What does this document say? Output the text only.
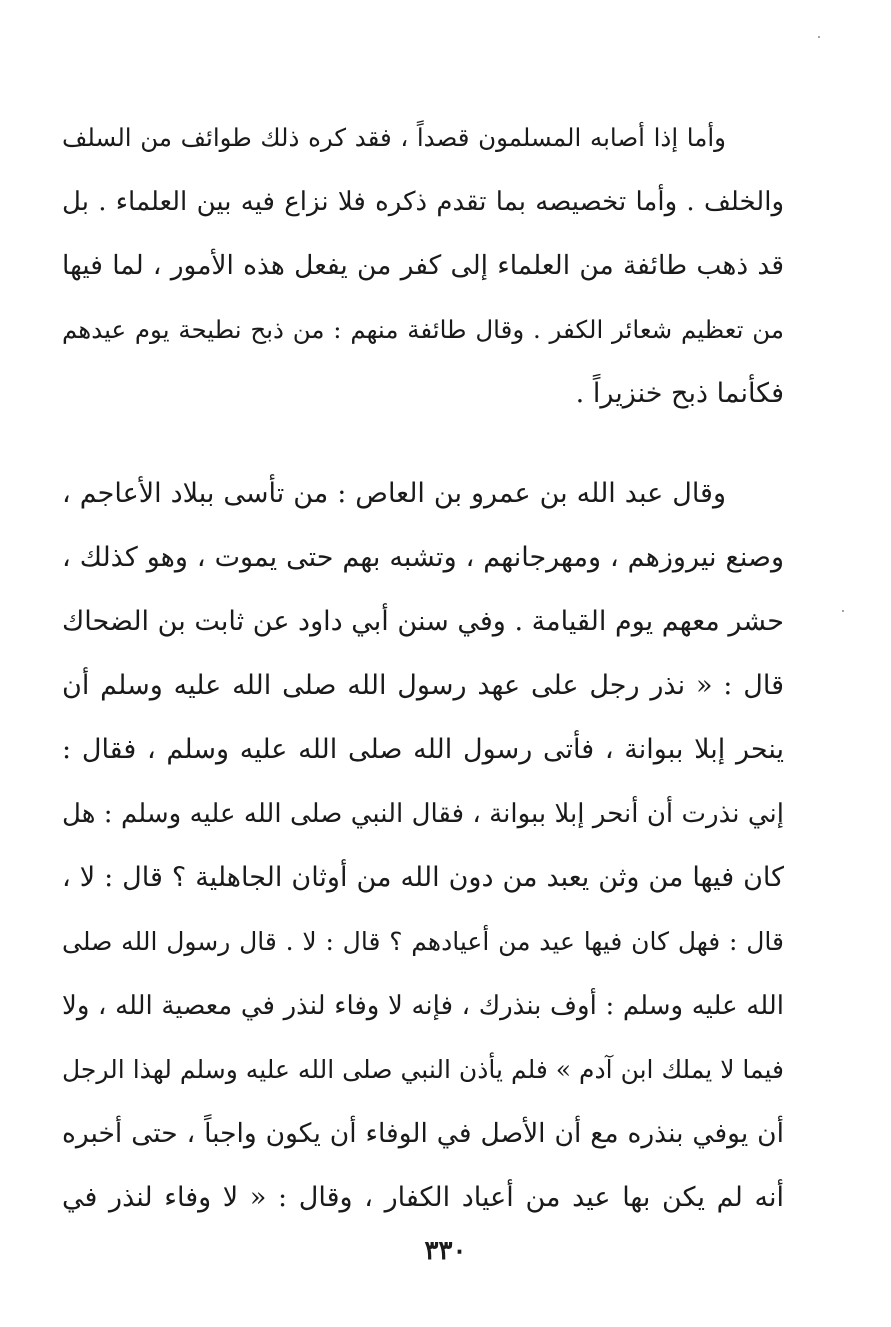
وأما إذا أصابه المسلمون قصداً ، فقد كره ذلك طوائف من السلف
والخلف . وأما تخصيصه بما تقدم ذكره فلا نزاع فيه بين العلماء . بل
قد ذهب طائفة من العلماء إلى كفر من يفعل هذه الأمور ، لما فيها
من تعظيم شعائر الكفر . وقال طائفة منهم : من ذبح نطيحة يوم عيدهم
فكأنما ذبح خنزيراً .
وقال عبد الله بن عمرو بن العاص : من تأسى ببلاد الأعاجم ،
وصنع نيروزهم ، ومهرجانهم ، وتشبه بهم حتى يموت ، وهو كذلك ،
حشر معهم يوم القيامة . وفي سنن أبي داود عن ثابت بن الضحاك
قال : « نذر رجل على عهد رسول الله صلى الله عليه وسلم أن
ينحر إبلا ببوانة ، فأتى رسول الله صلى الله عليه وسلم ، فقال :
إني نذرت أن أنحر إبلا ببوانة ، فقال النبي صلى الله عليه وسلم : هل
كان فيها من وثن يعبد من دون الله من أوثان الجاهلية ؟ قال : لا ،
قال : فهل كان فيها عيد من أعيادهم ؟ قال : لا . قال رسول الله صلى
الله عليه وسلم : أوف بنذرك ، فإنه لا وفاء لنذر في معصية الله ، ولا
فيما لا يملك ابن آدم » فلم يأذن النبي صلى الله عليه وسلم لهذا الرجل
أن يوفي بنذره مع أن الأصل في الوفاء أن يكون واجباً ، حتى أخبره
أنه لم يكن بها عيد من أعياد الكفار ، وقال : « لا وفاء لنذر في
٣٣٠
